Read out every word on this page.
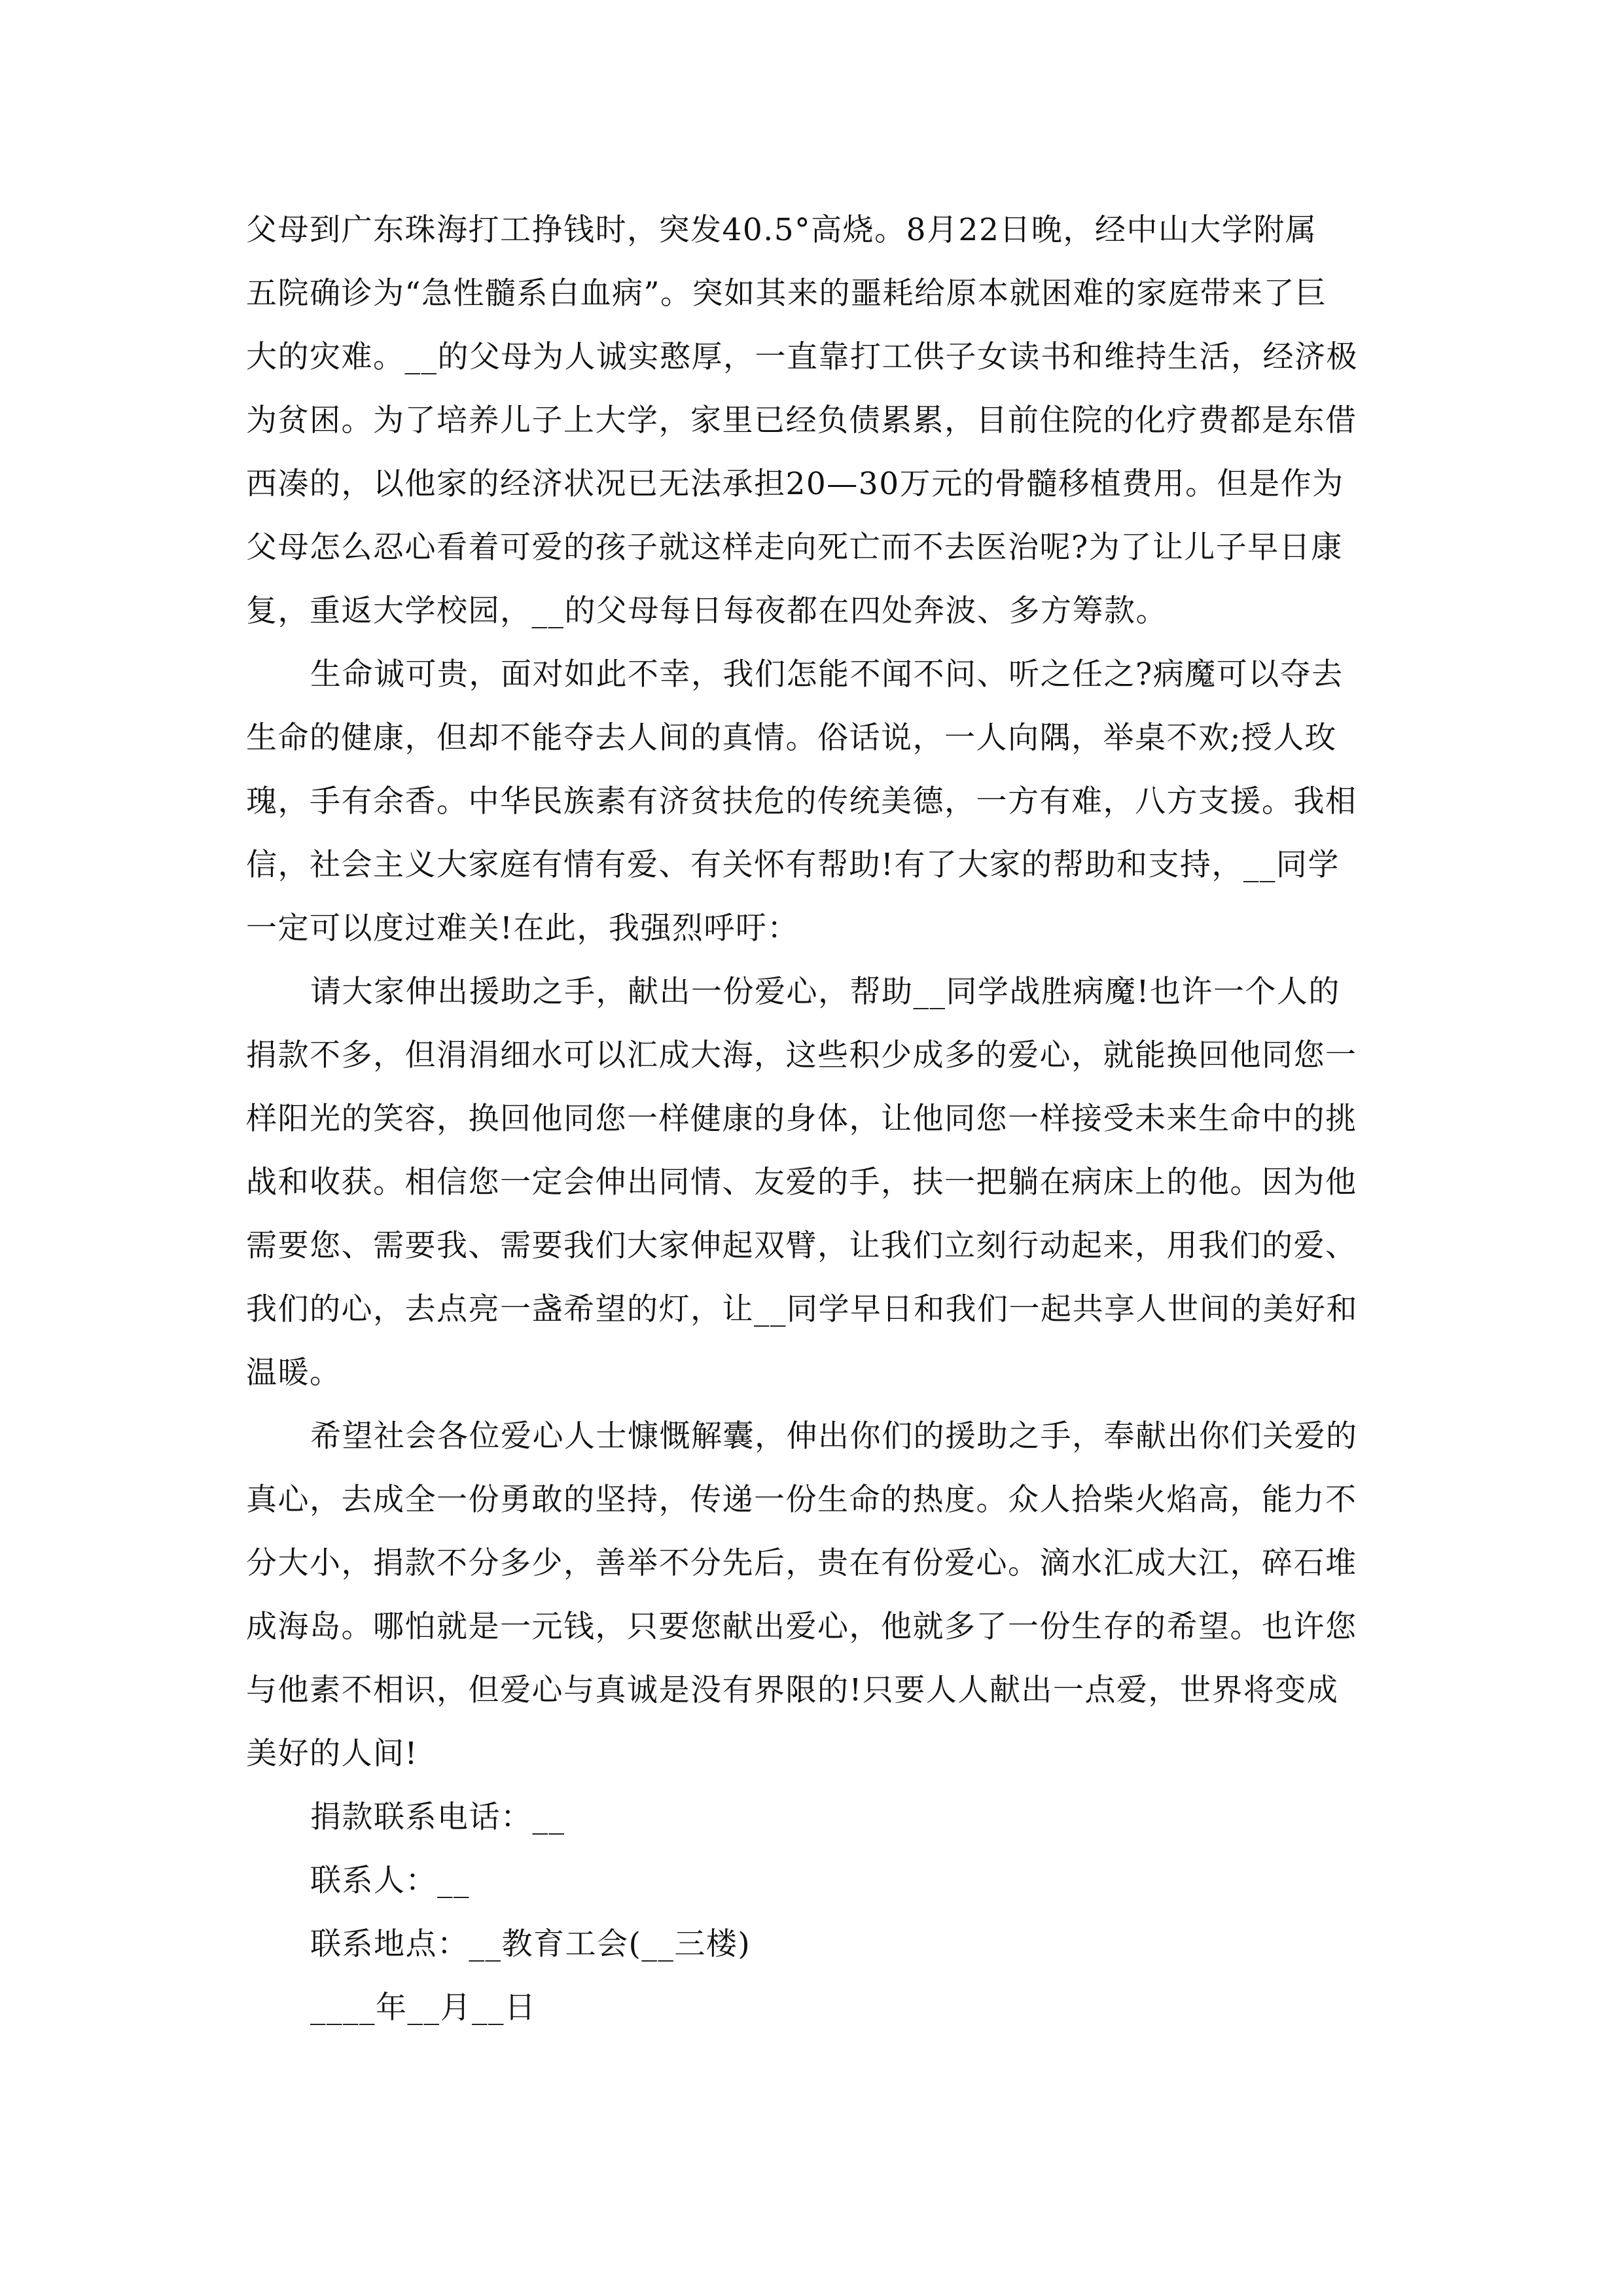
父母到广东珠海打工挣钱时，突发40.5°高烧。8月22日晚，经中山大学附属

五院确诊为“急性髓系白血病”。突如其来的噩耗给原本就困难的家庭带来了巨

大的灾难。__的父母为人诚实憨厚，一直靠打工供子女读书和维持生活，经济极

为贫困。为了培养儿子上大学，家里已经负债累累，目前住院的化疗费都是东借

西凑的，以他家的经济状况已无法承担20—30万元的骨髓移植费用。但是作为

父母怎么忍心看着可爱的孩子就这样走向死亡而不去医治呢?为了让儿子早日康

复，重返大学校园，__的父母每日每夜都在四处奔波、多方筹款。

生命诚可贵，面对如此不幸，我们怎能不闻不问、听之任之?病魔可以夺去

生命的健康，但却不能夺去人间的真情。俗话说，一人向隅，举桌不欢;授人玫

瑰，手有余香。中华民族素有济贫扶危的传统美德，一方有难，八方支援。我相

信，社会主义大家庭有情有爱、有关怀有帮助!有了大家的帮助和支持，__同学

一定可以度过难关!在此，我强烈呼吁：

请大家伸出援助之手，献出一份爱心，帮助__同学战胜病魔!也许一个人的

捐款不多，但涓涓细水可以汇成大海，这些积少成多的爱心，就能换回他同您一

样阳光的笑容，换回他同您一样健康的身体，让他同您一样接受未来生命中的挑

战和收获。相信您一定会伸出同情、友爱的手，扶一把躺在病床上的他。因为他

需要您、需要我、需要我们大家伸起双臂，让我们立刻行动起来，用我们的爱、

我们的心，去点亮一盏希望的灯，让__同学早日和我们一起共享人世间的美好和

温暖。

希望社会各位爱心人士慷慨解囊，伸出你们的援助之手，奉献出你们关爱的

真心，去成全一份勇敢的坚持，传递一份生命的热度。众人拾柴火焰高，能力不

分大小，捐款不分多少，善举不分先后，贵在有份爱心。滴水汇成大江，碎石堆

成海岛。哪怕就是一元钱，只要您献出爱心，他就多了一份生存的希望。也许您

与他素不相识，但爱心与真诚是没有界限的!只要人人献出一点爱，世界将变成

美好的人间!

捐款联系电话：__

联系人：__

联系地点：__教育工会(__三楼)

____年__月__日
